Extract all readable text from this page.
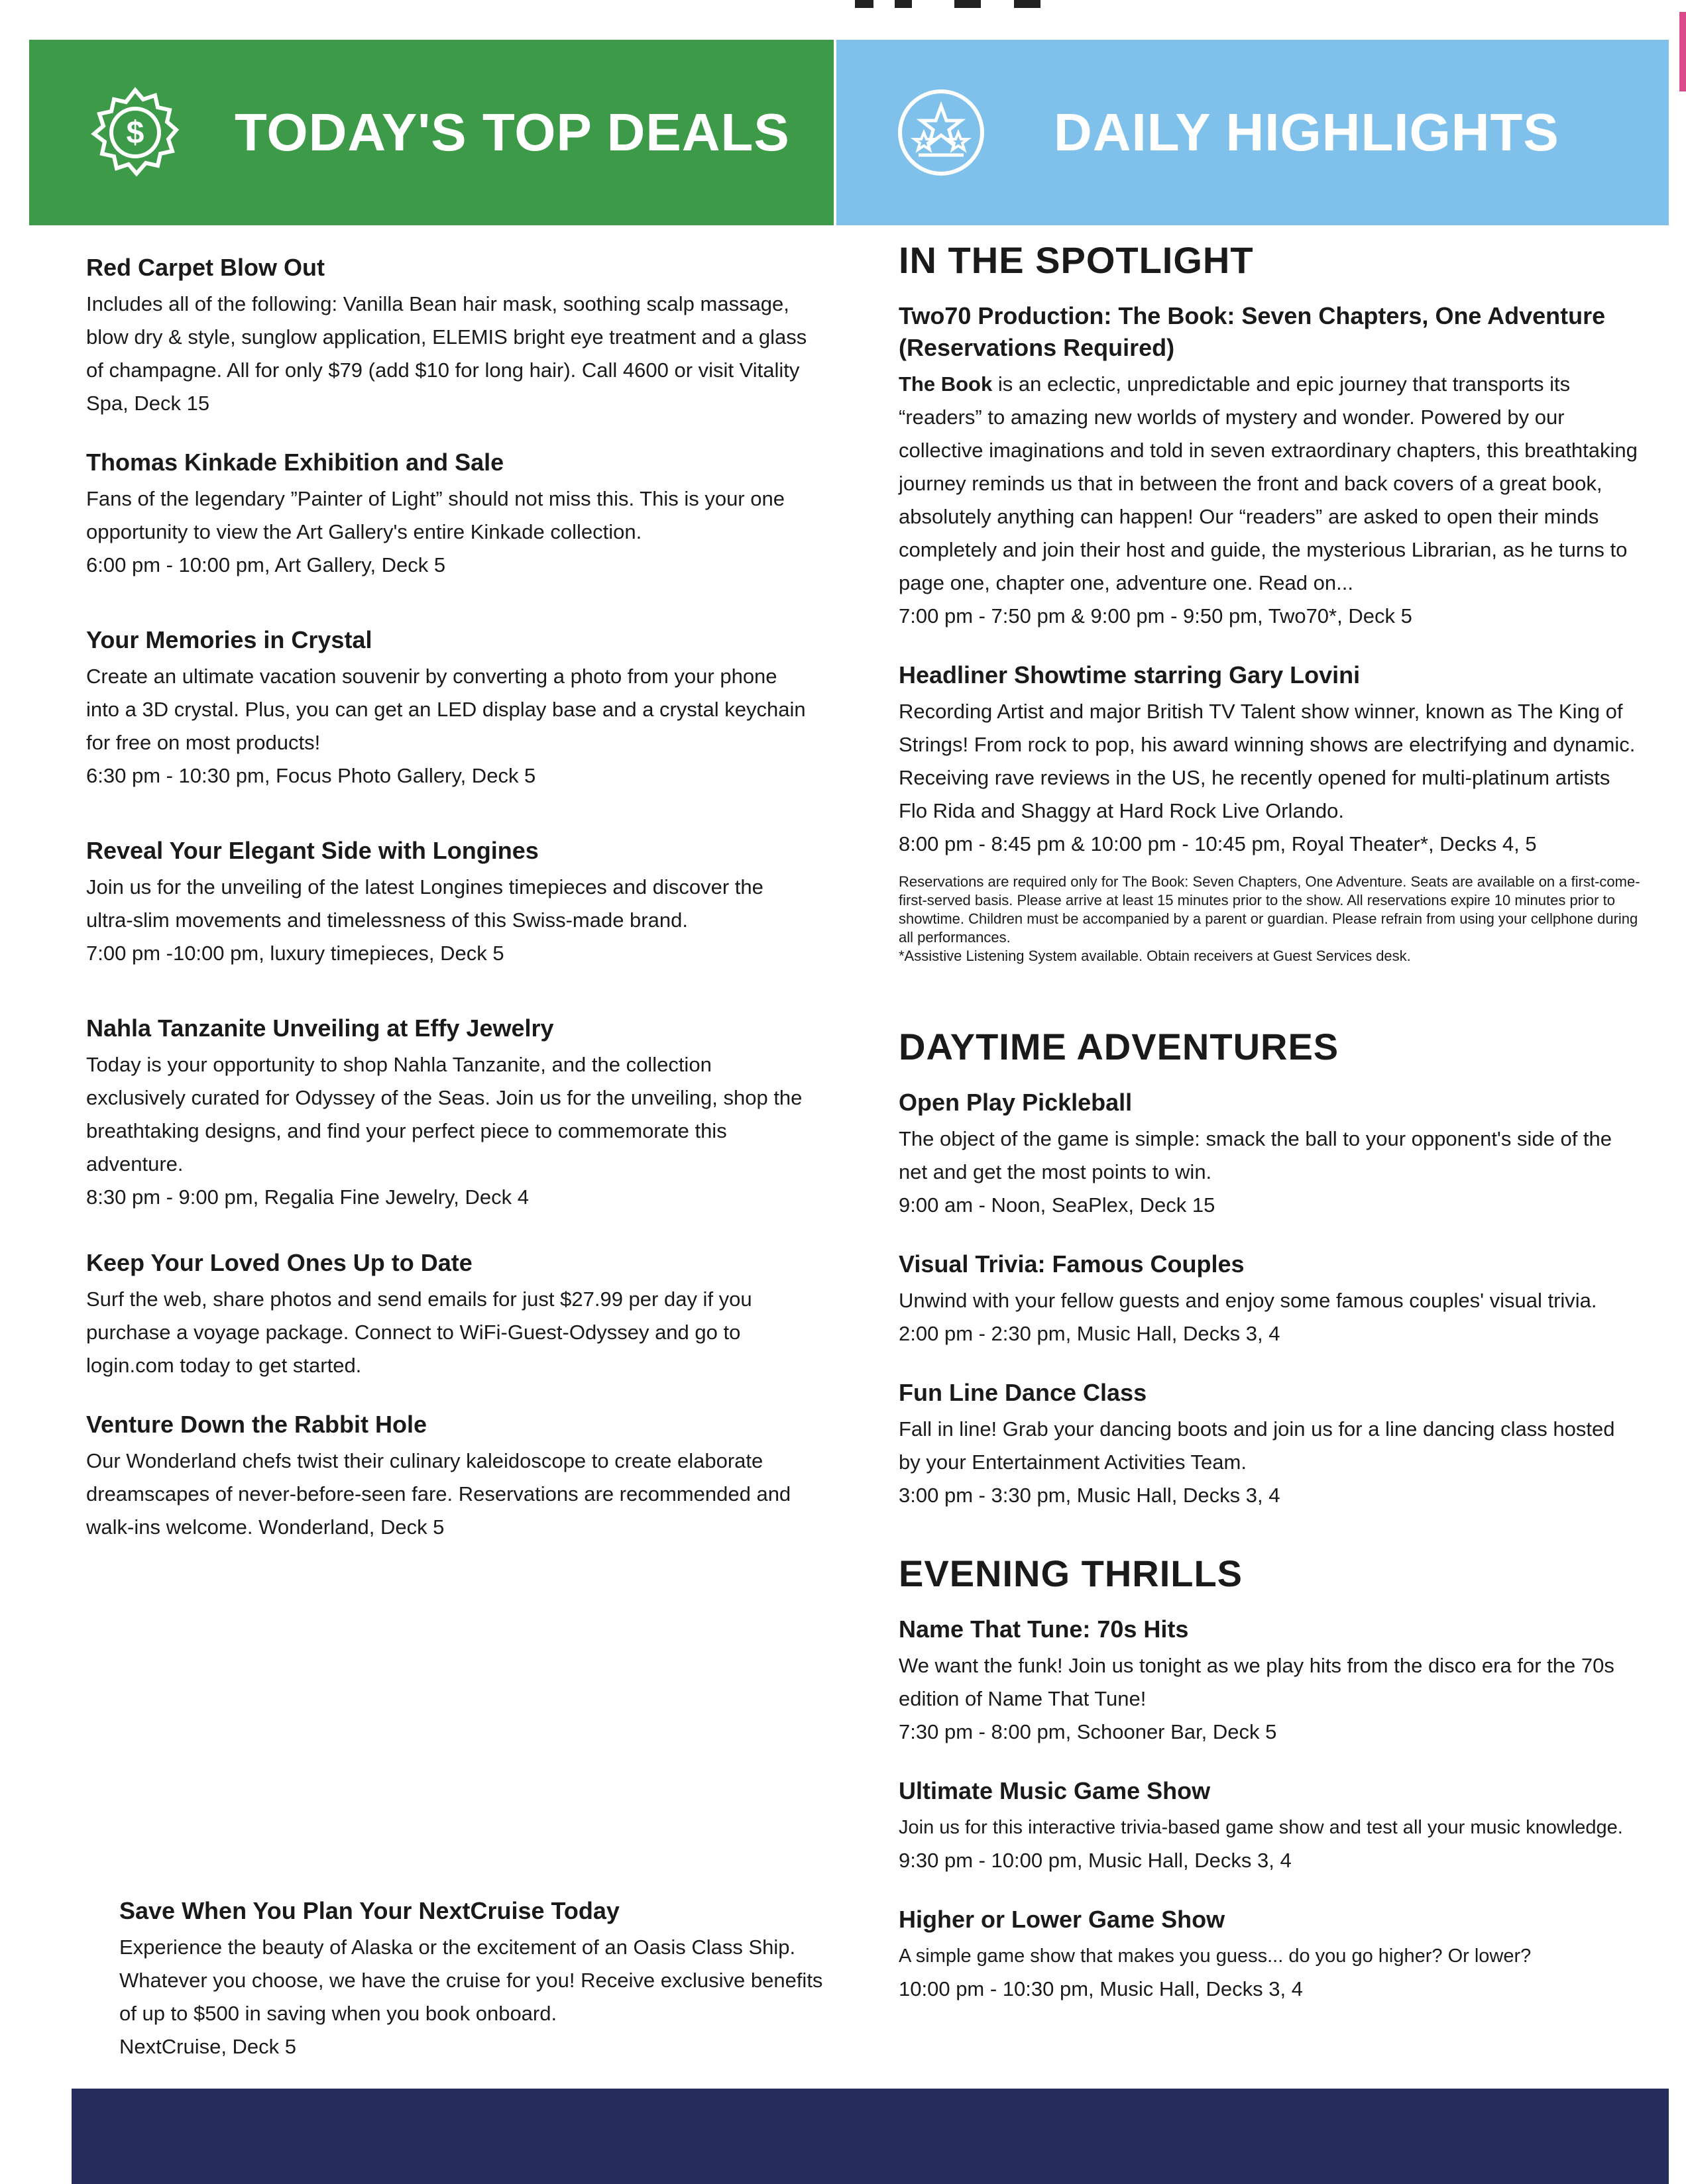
$ TODAY'S TOP DEALS	DAILY HIGHLIGHTS
Red Carpet Blow Out
Includes all of the following: Vanilla Bean hair mask, soothing scalp massage, blow dry & style, sunglow application, ELEMIS bright eye treatment and a glass of champagne. All for only $79 (add $10 for long hair). Call 4600 or visit Vitality Spa, Deck 15
Thomas Kinkade Exhibition and Sale
Fans of the legendary ”Painter of Light” should not miss this. This is your one opportunity to view the Art Gallery's entire Kinkade collection.
6:00 pm - 10:00 pm, Art Gallery, Deck 5
Your Memories in Crystal
Create an ultimate vacation souvenir by converting a photo from your phone into a 3D crystal. Plus, you can get an LED display base and a crystal keychain for free on most products!
6:30 pm - 10:30 pm, Focus Photo Gallery, Deck 5
Reveal Your Elegant Side with Longines
Join us for the unveiling of the latest Longines timepieces and discover the ultra-slim movements and timelessness of this Swiss-made brand.
7:00 pm -10:00 pm, luxury timepieces, Deck 5
Nahla Tanzanite Unveiling at Effy Jewelry
Today is your opportunity to shop Nahla Tanzanite, and the collection exclusively curated for Odyssey of the Seas. Join us for the unveiling, shop the breathtaking designs, and find your perfect piece to commemorate this adventure.
8:30 pm - 9:00 pm, Regalia Fine Jewelry, Deck 4
Keep Your Loved Ones Up to Date
Surf the web, share photos and send emails for just $27.99 per day if you purchase a voyage package. Connect to WiFi-Guest-Odyssey and go to login.com today to get started.
Venture Down the Rabbit Hole
Our Wonderland chefs twist their culinary kaleidoscope to create elaborate dreamscapes of never-before-seen fare. Reservations are recommended and walk-ins welcome. Wonderland, Deck 5
Save When You Plan Your NextCruise Today
Experience the beauty of Alaska or the excitement of an Oasis Class Ship. Whatever you choose, we have the cruise for you! Receive exclusive benefits of up to $500 in saving when you book onboard.
NextCruise, Deck 5
IN THE SPOTLIGHT
Two70 Production: The Book: Seven Chapters, One Adventure (Reservations Required)
The Book is an eclectic, unpredictable and epic journey that transports its “readers” to amazing new worlds of mystery and wonder. Powered by our collective imaginations and told in seven extraordinary chapters, this breathtaking journey reminds us that in between the front and back covers of a great book, absolutely anything can happen! Our “readers” are asked to open their minds completely and join their host and guide, the mysterious Librarian, as he turns to page one, chapter one, adventure one. Read on...
7:00 pm - 7:50 pm & 9:00 pm - 9:50 pm, Two70*, Deck 5
Headliner Showtime starring Gary Lovini
Recording Artist and major British TV Talent show winner, known as The King of Strings! From rock to pop, his award winning shows are electrifying and dynamic. Receiving rave reviews in the US, he recently opened for multi-platinum artists Flo Rida and Shaggy at Hard Rock Live Orlando.
8:00 pm - 8:45 pm & 10:00 pm - 10:45 pm, Royal Theater*, Decks 4, 5
Reservations are required only for The Book: Seven Chapters, One Adventure. Seats are available on a first-come-first-served basis. Please arrive at least 15 minutes prior to the show. All reservations expire 10 minutes prior to showtime. Children must be accompanied by a parent or guardian. Please refrain from using your cellphone during all performances.
*Assistive Listening System available. Obtain receivers at Guest Services desk.
DAYTIME ADVENTURES
Open Play Pickleball
The object of the game is simple: smack the ball to your opponent's side of the net and get the most points to win.
9:00 am - Noon, SeaPlex, Deck 15
Visual Trivia: Famous Couples
Unwind with your fellow guests and enjoy some famous couples' visual trivia.
2:00 pm - 2:30 pm, Music Hall, Decks 3, 4
Fun Line Dance Class
Fall in line! Grab your dancing boots and join us for a line dancing class hosted by your Entertainment Activities Team.
3:00 pm - 3:30 pm, Music Hall, Decks 3, 4
EVENING THRILLS
Name That Tune: 70s Hits
We want the funk! Join us tonight as we play hits from the disco era for the 70s edition of Name That Tune!
7:30 pm - 8:00 pm, Schooner Bar, Deck 5
Ultimate Music Game Show
Join us for this interactive trivia-based game show and test all your music knowledge.
9:30 pm - 10:00 pm, Music Hall, Decks 3, 4
Higher or Lower Game Show
A simple game show that makes you guess... do you go higher? Or lower?
10:00 pm - 10:30 pm, Music Hall, Decks 3, 4
